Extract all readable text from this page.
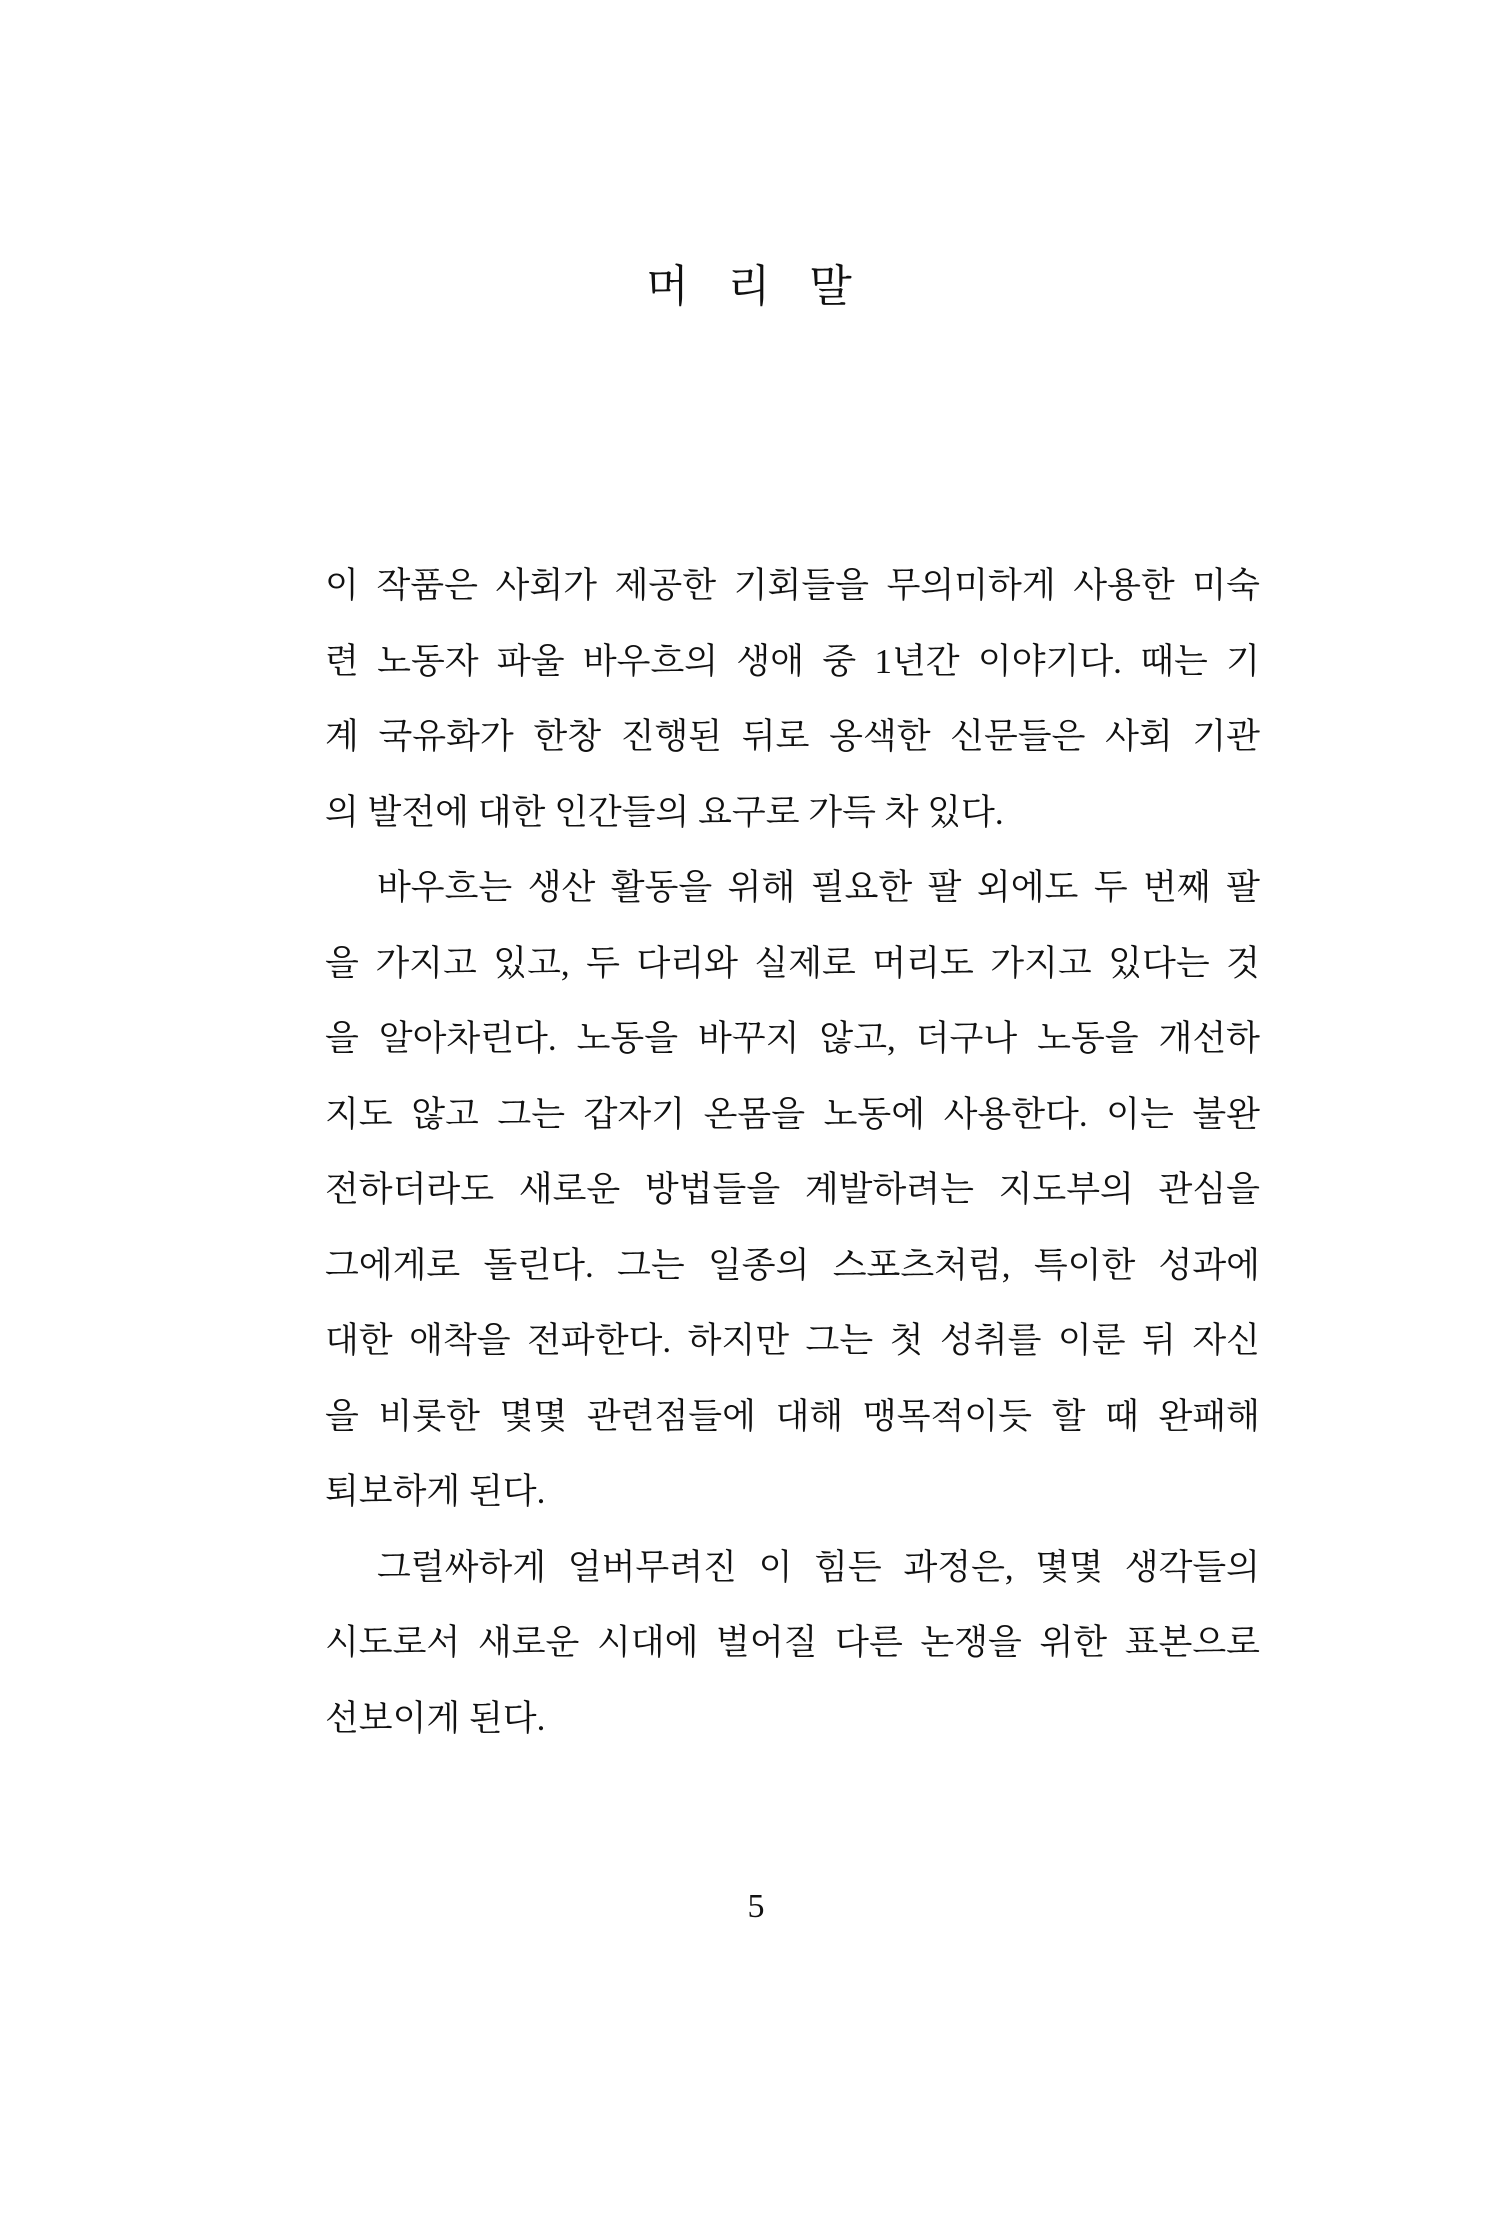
머 리 말
이 작품은 사회가 제공한 기회들을 무의미하게 사용한 미숙
련 노동자 파울 바우흐의 생애 중 1년간 이야기다. 때는 기
계 국유화가 한창 진행된 뒤로 옹색한 신문들은 사회 기관
의 발전에 대한 인간들의 요구로 가득 차 있다.
바우흐는 생산 활동을 위해 필요한 팔 외에도 두 번째 팔
을 가지고 있고, 두 다리와 실제로 머리도 가지고 있다는 것
을 알아차린다. 노동을 바꾸지 않고, 더구나 노동을 개선하
지도 않고 그는 갑자기 온몸을 노동에 사용한다. 이는 불완
전하더라도 새로운 방법들을 계발하려는 지도부의 관심을
그에게로 돌린다. 그는 일종의 스포츠처럼, 특이한 성과에
대한 애착을 전파한다. 하지만 그는 첫 성취를 이룬 뒤 자신
을 비롯한 몇몇 관련점들에 대해 맹목적이듯 할 때 완패해
퇴보하게 된다.
그럴싸하게 얼버무려진 이 힘든 과정은, 몇몇 생각들의
시도로서 새로운 시대에 벌어질 다른 논쟁을 위한 표본으로
선보이게 된다.
5
